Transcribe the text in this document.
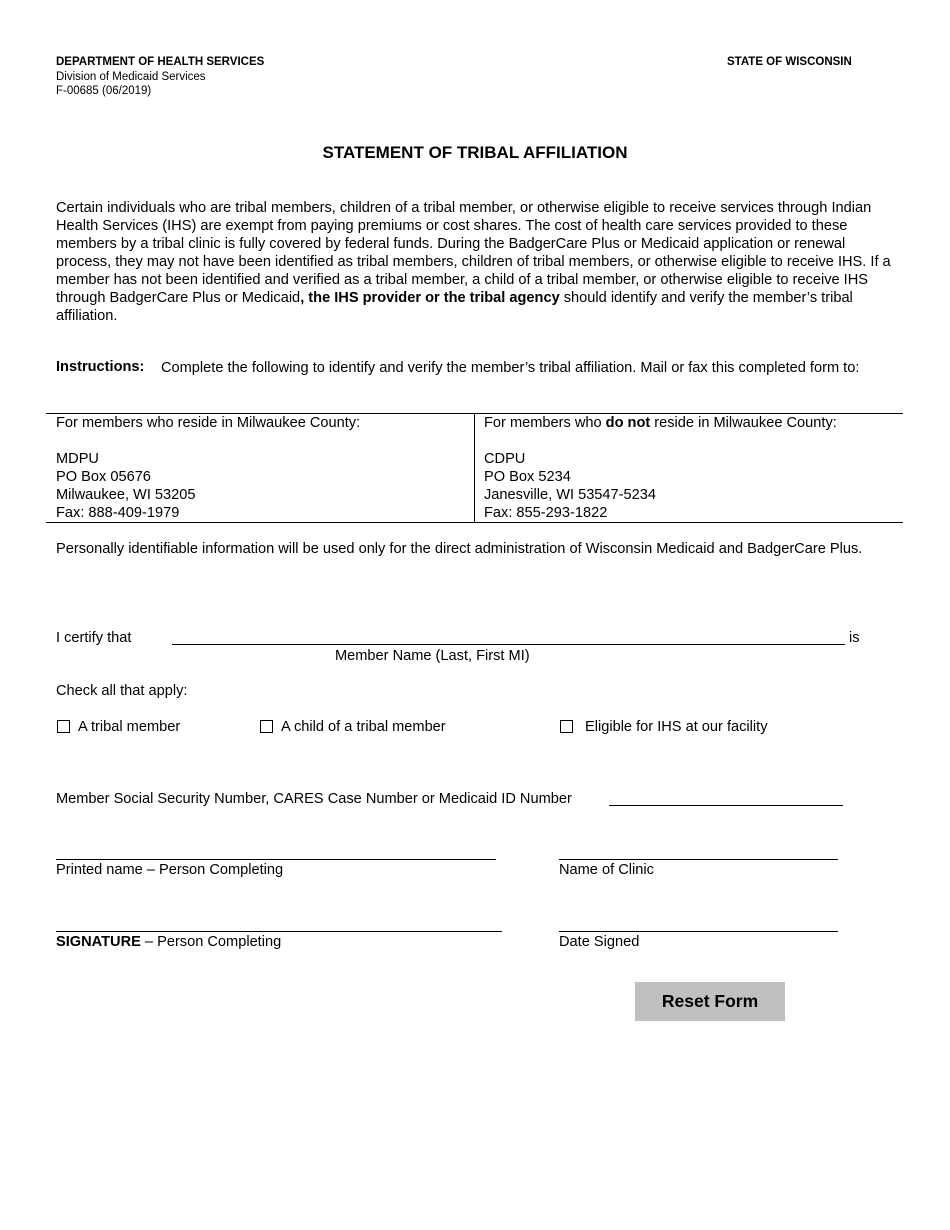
DEPARTMENT OF HEALTH SERVICES
Division of Medicaid Services
F-00685 (06/2019)
STATE OF WISCONSIN
STATEMENT OF TRIBAL AFFILIATION
Certain individuals who are tribal members, children of a tribal member, or otherwise eligible to receive services through Indian Health Services (IHS) are exempt from paying premiums or cost shares. The cost of health care services provided to these members by a tribal clinic is fully covered by federal funds. During the BadgerCare Plus or Medicaid application or renewal process, they may not have been identified as tribal members, children of tribal members, or otherwise eligible to receive IHS. If a member has not been identified and verified as a tribal member, a child of a tribal member, or otherwise eligible to receive IHS through BadgerCare Plus or Medicaid, the IHS provider or the tribal agency should identify and verify the member’s tribal affiliation.
Instructions: Complete the following to identify and verify the member’s tribal affiliation. Mail or fax this completed form to:
For members who reside in Milwaukee County:
MDPU
PO Box 05676
Milwaukee, WI 53205
Fax: 888-409-1979
For members who do not reside in Milwaukee County:
CDPU
PO Box 5234
Janesville, WI 53547-5234
Fax: 855-293-1822
Personally identifiable information will be used only for the direct administration of Wisconsin Medicaid and BadgerCare Plus.
I certify that	is
Member Name (Last, First MI)
Check all that apply:
A tribal member	A child of a tribal member	Eligible for IHS at our facility
Member Social Security Number, CARES Case Number or Medicaid ID Number
Printed name – Person Completing	Name of Clinic
SIGNATURE – Person Completing	Date Signed
Reset Form
